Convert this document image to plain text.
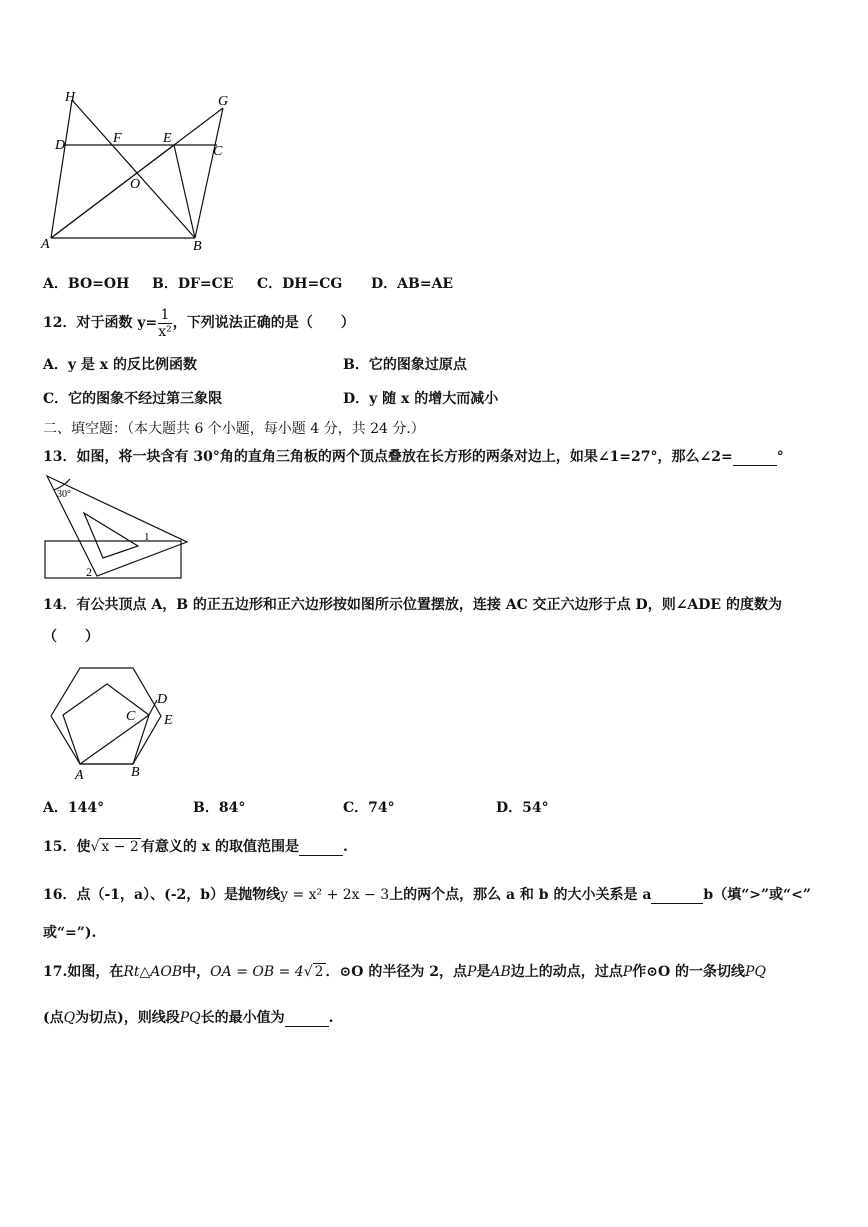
H	G
D	F	E
C
O
A	B
A．BO=OH B．DF=CE C．DH=CG D．AB=AE
12．对于函数 $y= \frac{1}{\text{x²}}$ ，下列说法正确的是（　　）
A．y 是 x 的反比例函数	B．它的图象过原点
C．它的图象不经过第三象限	D．y 随 x 的增大而减小
二、填空题：（本大题共 6 个小题，每小题 4 分，共 24 分.）
13．如图，将一块含有 30°角的直角三角板的两个顶点叠放在长方形的两条对边上，如果∠1=27°，那么∠2=	°
30°
1
2
14．有公共顶点 A，B 的正五边形和正六边形按如图所示位置摆放，连接 AC 交正六边形于点 D，则∠ADE 的度数为
（　　）
A	B
C
D
E
A．144°	B．84°	C．74°	D．54°
15．使√ x − 2 有意义的 x 的取值范围是	.
16．点（-1，a）、(-2，b）是抛物线y = x² + 2x − 3上的两个点，那么 a 和 b 的大小关系是 a	b（填“>”或“<”
或“=”).
17.如图，在Rt△AOB中，OA = OB = 4√ 2 ．⊙O 的半径为 2，点P是AB边上的动点，过点P作⊙O 的一条切线PQ
(点Q为切点)，则线段PQ长的最小值为	.
